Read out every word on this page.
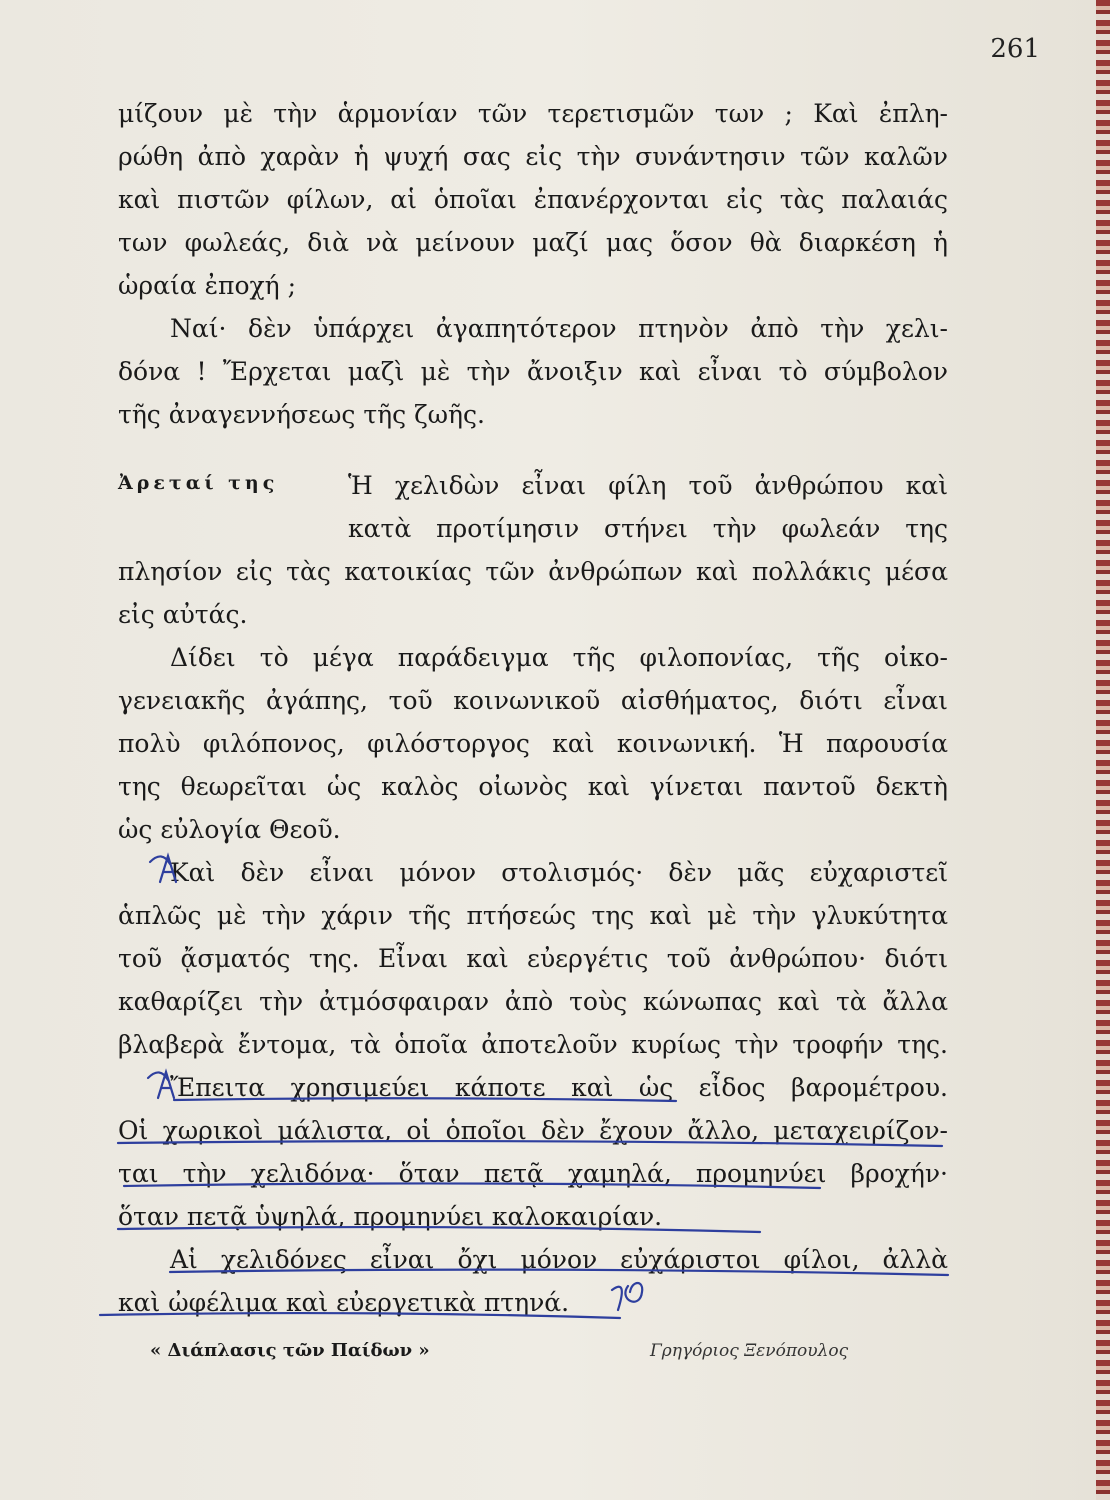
261
μίζουν μὲ τὴν ἁρμονίαν τῶν τερετισμῶν των ; Καὶ ἐπλη-
ρώθη ἀπὸ χαρὰν ἡ ψυχή σας εἰς τὴν συνάντησιν τῶν καλῶν
καὶ πιστῶν φίλων, αἱ ὁποῖαι ἐπανέρχονται εἰς τὰς παλαιάς
των φωλεάς, διὰ νὰ μείνουν μαζί μας ὅσον θὰ διαρκέση ἡ
ὡραία ἐποχή ;
Ναί· δὲν ὑπάρχει ἀγαπητότερον πτηνὸν ἀπὸ τὴν χελι-
δόνα ! Ἔρχεται μαζὶ μὲ τὴν ἄνοιξιν καὶ εἶναι τὸ σύμβολον
τῆς ἀναγεννήσεως τῆς ζωῆς.
Ἀρεταί της	Ἡ χελιδὼν εἶναι φίλη τοῦ ἀνθρώπου καὶ
κατὰ προτίμησιν στήνει τὴν φωλεάν της
πλησίον εἰς τὰς κατοικίας τῶν ἀνθρώπων καὶ πολλάκις μέσα
εἰς αὐτάς.
Δίδει τὸ μέγα παράδειγμα τῆς φιλοπονίας, τῆς οἰκο-
γενειακῆς ἀγάπης, τοῦ κοινωνικοῦ αἰσθήματος, διότι εἶναι
πολὺ φιλόπονος, φιλόστοργος καὶ κοινωνική. Ἡ παρουσία
της θεωρεῖται ὡς καλὸς οἰωνὸς καὶ γίνεται παντοῦ δεκτὴ
ὡς εὐλογία Θεοῦ.
Καὶ δὲν εἶναι μόνον στολισμός· δὲν μᾶς εὐχαριστεῖ
ἁπλῶς μὲ τὴν χάριν τῆς πτήσεώς της καὶ μὲ τὴν γλυκύτητα
τοῦ ᾄσματός της. Εἶναι καὶ εὐεργέτις τοῦ ἀνθρώπου· διότι
καθαρίζει τὴν ἀτμόσφαιραν ἀπὸ τοὺς κώνωπας καὶ τὰ ἄλλα
βλαβερὰ ἔντομα, τὰ ὁποῖα ἀποτελοῦν κυρίως τὴν τροφήν της.
Ἔπειτα χρησιμεύει κάποτε καὶ ὡς εἶδος βαρομέτρου.
Οἱ χωρικοὶ μάλιστα, οἱ ὁποῖοι δὲν ἔχουν ἄλλο, μεταχειρίζον-
ται τὴν χελιδόνα· ὅταν πετᾷ χαμηλά, προμηνύει βροχήν·
ὅταν πετᾷ ὑψηλά, προμηνύει καλοκαιρίαν.
Αἱ χελιδόνες εἶναι ὄχι μόνον εὐχάριστοι φίλοι, ἀλλὰ
καὶ ὠφέλιμα καὶ εὐεργετικὰ πτηνά.
« Διάπλασις τῶν Παίδων »	Γρηγόριος Ξενόπουλος
